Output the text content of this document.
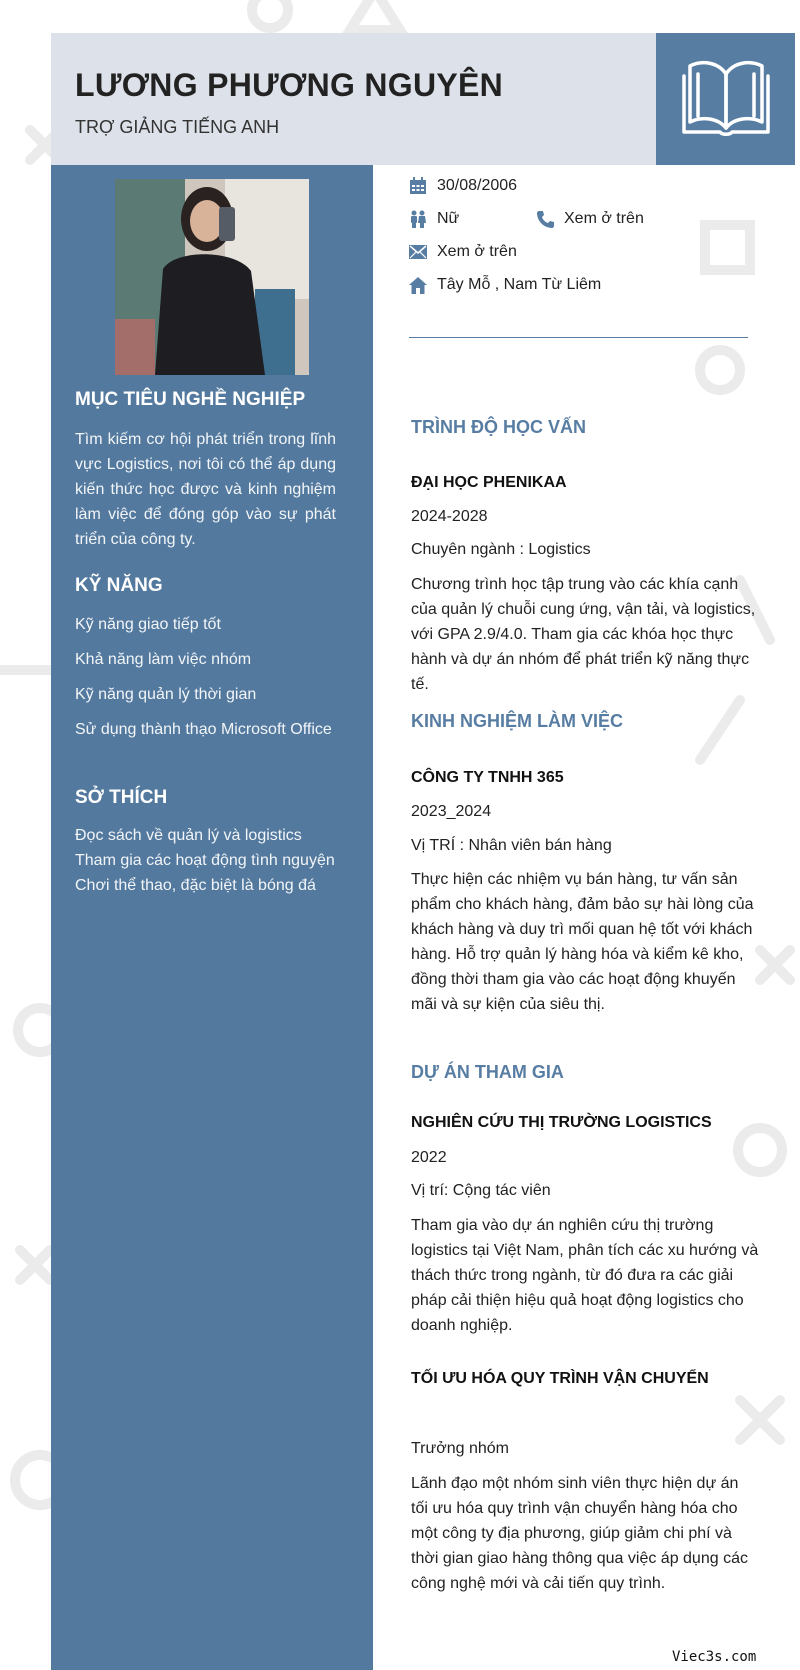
LƯƠNG PHƯƠNG NGUYÊN

TRỢ GIẢNG TIẾNG ANH

MỤC TIÊU NGHỀ NGHIỆP

Tìm kiếm cơ hội phát triển trong lĩnh vực Logistics, nơi tôi có thể áp dụng kiến thức học được và kinh nghiệm làm việc để đóng góp vào sự phát triển của công ty.

KỸ NĂNG
Kỹ năng giao tiếp tốt
Khả năng làm việc nhóm
Kỹ năng quản lý thời gian
Sử dụng thành thạo Microsoft Office
SỞ THÍCH
Đọc sách về quản lý và logistics
Tham gia các hoạt động tình nguyện
Chơi thể thao, đặc biệt là bóng đá
30/08/2006
Nữ	Xem ở trên
Xem ở trên
Tây Mỗ , Nam Từ Liêm
TRÌNH ĐỘ HỌC VẤN

ĐẠI HỌC PHENIKAA

2024-2028

Chuyên ngành : Logistics

Chương trình học tập trung vào các khía cạnh của quản lý chuỗi cung ứng, vận tải, và logistics, với GPA 2.9/4.0. Tham gia các khóa học thực hành và dự án nhóm để phát triển kỹ năng thực tế.

KINH NGHIỆM LÀM VIỆC

CÔNG TY TNHH 365

2023_2024

Vị TRÍ : Nhân viên bán hàng

Thực hiện các nhiệm vụ bán hàng, tư vấn sản phẩm cho khách hàng, đảm bảo sự hài lòng của khách hàng và duy trì mối quan hệ tốt với khách hàng. Hỗ trợ quản lý hàng hóa và kiểm kê kho, đồng thời tham gia vào các hoạt động khuyến mãi và sự kiện của siêu thị.

DỰ ÁN THAM GIA

NGHIÊN CỨU THỊ TRƯỜNG LOGISTICS

2022

Vị trí: Cộng tác viên

Tham gia vào dự án nghiên cứu thị trường logistics tại Việt Nam, phân tích các xu hướng và thách thức trong ngành, từ đó đưa ra các giải pháp cải thiện hiệu quả hoạt động logistics cho doanh nghiệp.

TỐI ƯU HÓA QUY TRÌNH VẬN CHUYỂN

Trưởng nhóm

Lãnh đạo một nhóm sinh viên thực hiện dự án tối ưu hóa quy trình vận chuyển hàng hóa cho một công ty địa phương, giúp giảm chi phí và thời gian giao hàng thông qua việc áp dụng các công nghệ mới và cải tiến quy trình.

Viec3s.com
